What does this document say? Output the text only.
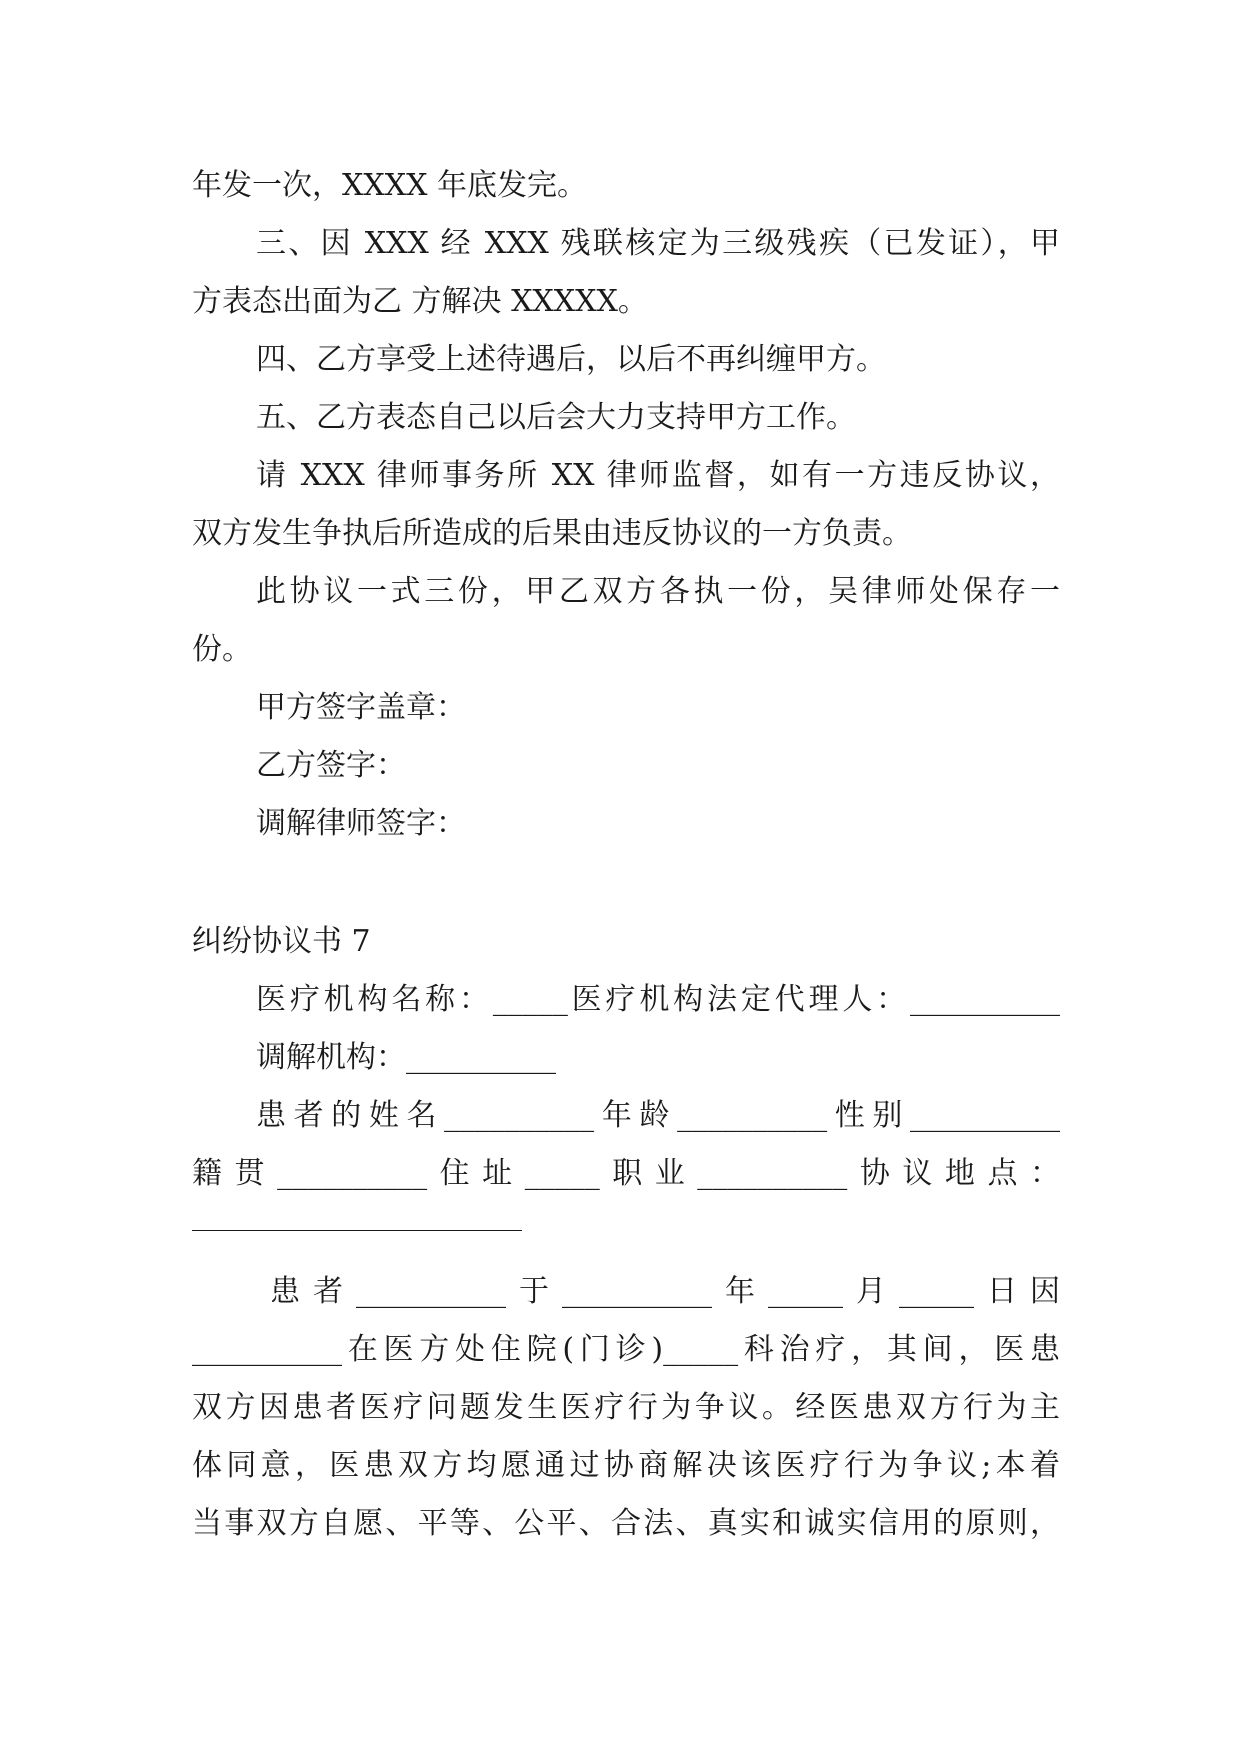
年发一次，XXXX 年底发完。
三、因 XXX 经 XXX 残联核定为三级残疾（已发证），甲
方表态出面为乙 方解决 XXXXX。
四、乙方享受上述待遇后，以后不再纠缠甲方。
五、乙方表态自己以后会大力支持甲方工作。
请 XXX 律师事务所 XX 律师监督，如有一方违反协议，
双方发生争执后所造成的后果由违反协议的一方负责。
此协议一式三份，甲乙双方各执一份，吴律师处保存一
份。
甲方签字盖章：
乙方签字：
调解律师签字：
纠纷协议书 7
医疗机构名称：_____医疗机构法定代理人：__________
调解机构：__________
患者的姓名__________年龄__________性别__________
籍贯__________住址_____职业__________协议地点：
患者__________于__________年_____月_____日因
__________在医方处住院(门诊)_____科治疗，其间，医患
双方因患者医疗问题发生医疗行为争议。经医患双方行为主
体同意，医患双方均愿通过协商解决该医疗行为争议;本着
当事双方自愿、平等、公平、合法、真实和诚实信用的原则，
